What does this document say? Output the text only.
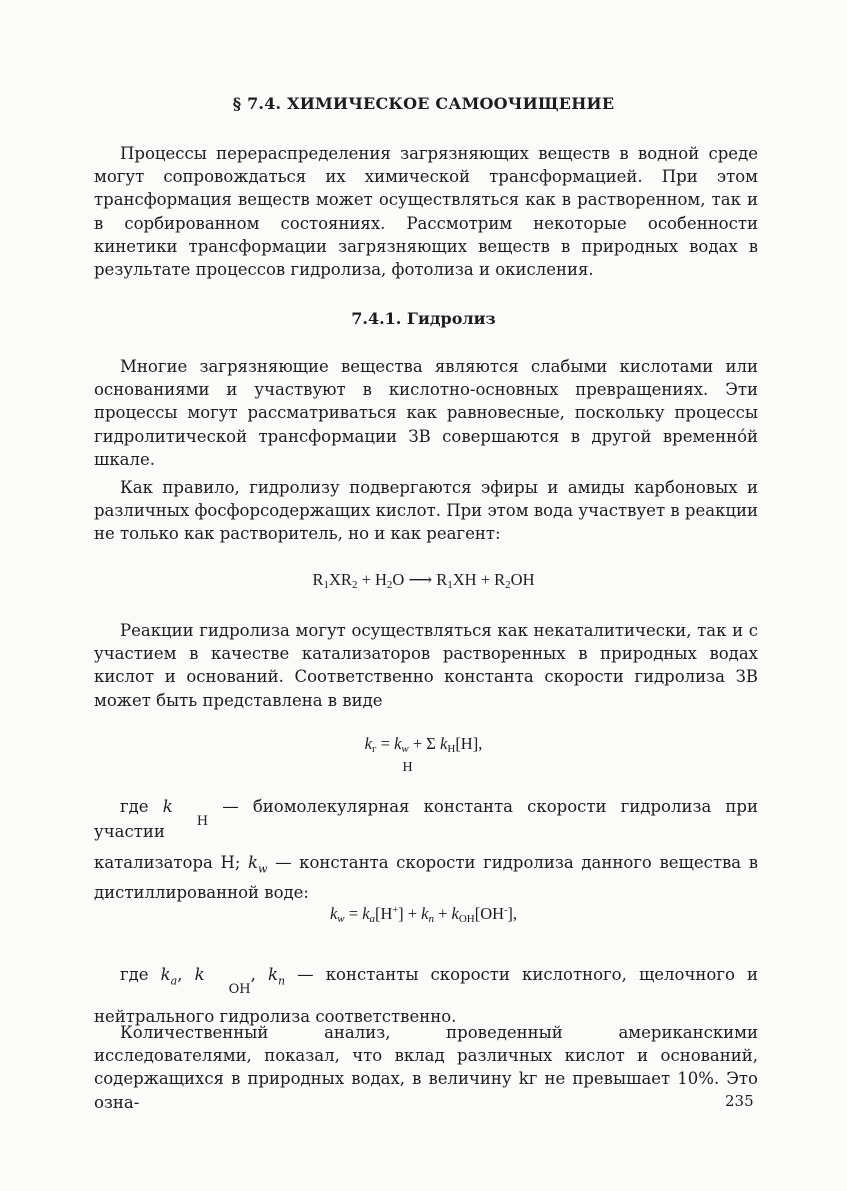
§ 7.4. ХИМИЧЕСКОЕ САМООЧИЩЕНИЕ

Процессы перераспределения загрязняющих веществ в водной среде могут сопровождаться их химической трансформацией. При этом трансформация веществ может осуществляться как в растворенном, так и в сорбированном состояниях. Рассмотрим некоторые особенности кинетики трансформации загрязняющих веществ в природных водах в результате процессов гидролиза, фотолиза и окисления.

7.4.1. Гидролиз

Многие загрязняющие вещества являются слабыми кислотами или основаниями и участвуют в кислотно-основных превращениях. Эти процессы могут рассматриваться как равновесные, поскольку процессы гидролитической трансформации ЗВ совершаются в другой временно́й шкале.

Как правило, гидролизу подвергаются эфиры и амиды карбоновых и различных фосфорсодержащих кислот. При этом вода участвует в реакции не только как растворитель, но и как реагент:

$R_1XR_2 + H_2O$ ⟶ $R_1XH + R_2OH$

Реакции гидролиза могут осуществляться как некаталитически, так и с участием в качестве катализаторов растворенных в природных водах кислот и оснований. Соответственно константа скорости гидролиза ЗВ может быть представлена в виде

$k_г = k_w + \Sigma$ $k_H[H]$,
H

где kH — биомолекулярная константа скорости гидролиза при участии

катализатора H; $k_w$ — константа скорости гидролиза данного вещества в дистиллированной воде:

$k_w = k_a[H^+] + k_n + k_{OH}[OH^-]$,

где $k_a$, kOH, $k_n$ — константы скорости кислотного, щелочного и

нейтрального гидролиза соответственно.

Количественный анализ, проведенный американскими исследователями, показал, что вклад различных кислот и оснований, содержащихся в природных водах, в величину kг не превышает 10%. Это озна-	235
